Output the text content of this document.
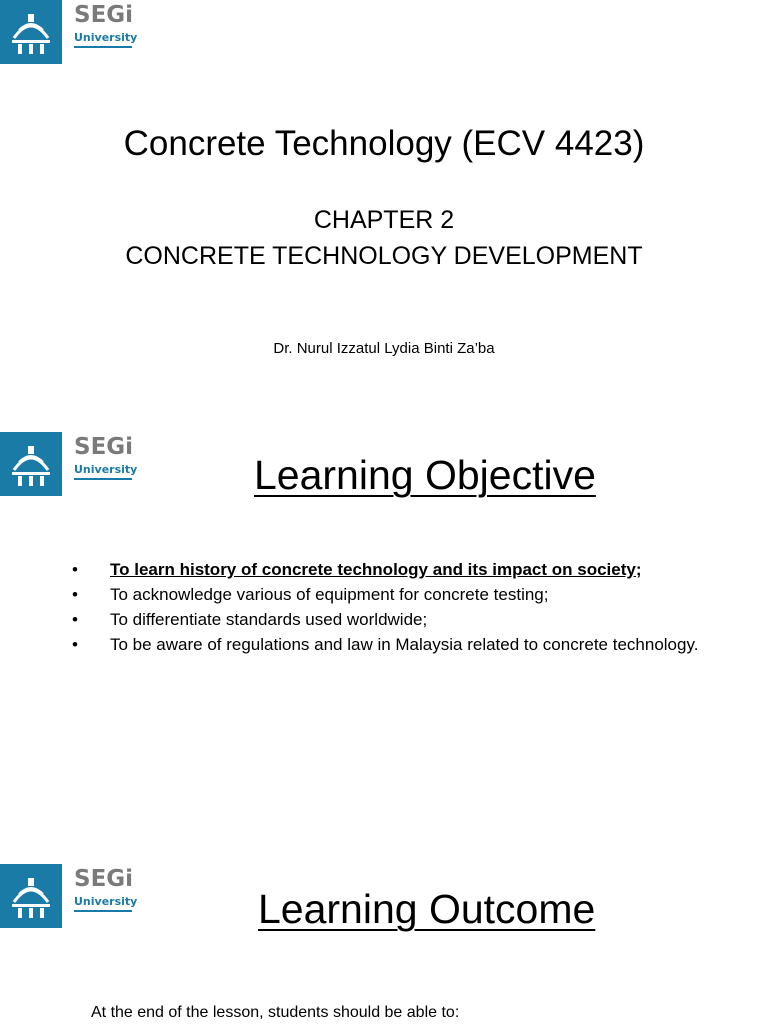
SEGi
University
Concrete Technology (ECV 4423)
CHAPTER 2
CONCRETE TECHNOLOGY DEVELOPMENT
Dr. Nurul Izzatul Lydia Binti Za’ba
SEGi
University	Learning Objective
• To learn history of concrete technology and its impact on society;
• To acknowledge various of equipment for concrete testing;
• To differentiate standards used worldwide;
• To be aware of regulations and law in Malaysia related to concrete technology.
SEGi
University	Learning Outcome
At the end of the lesson, students should be able to:
